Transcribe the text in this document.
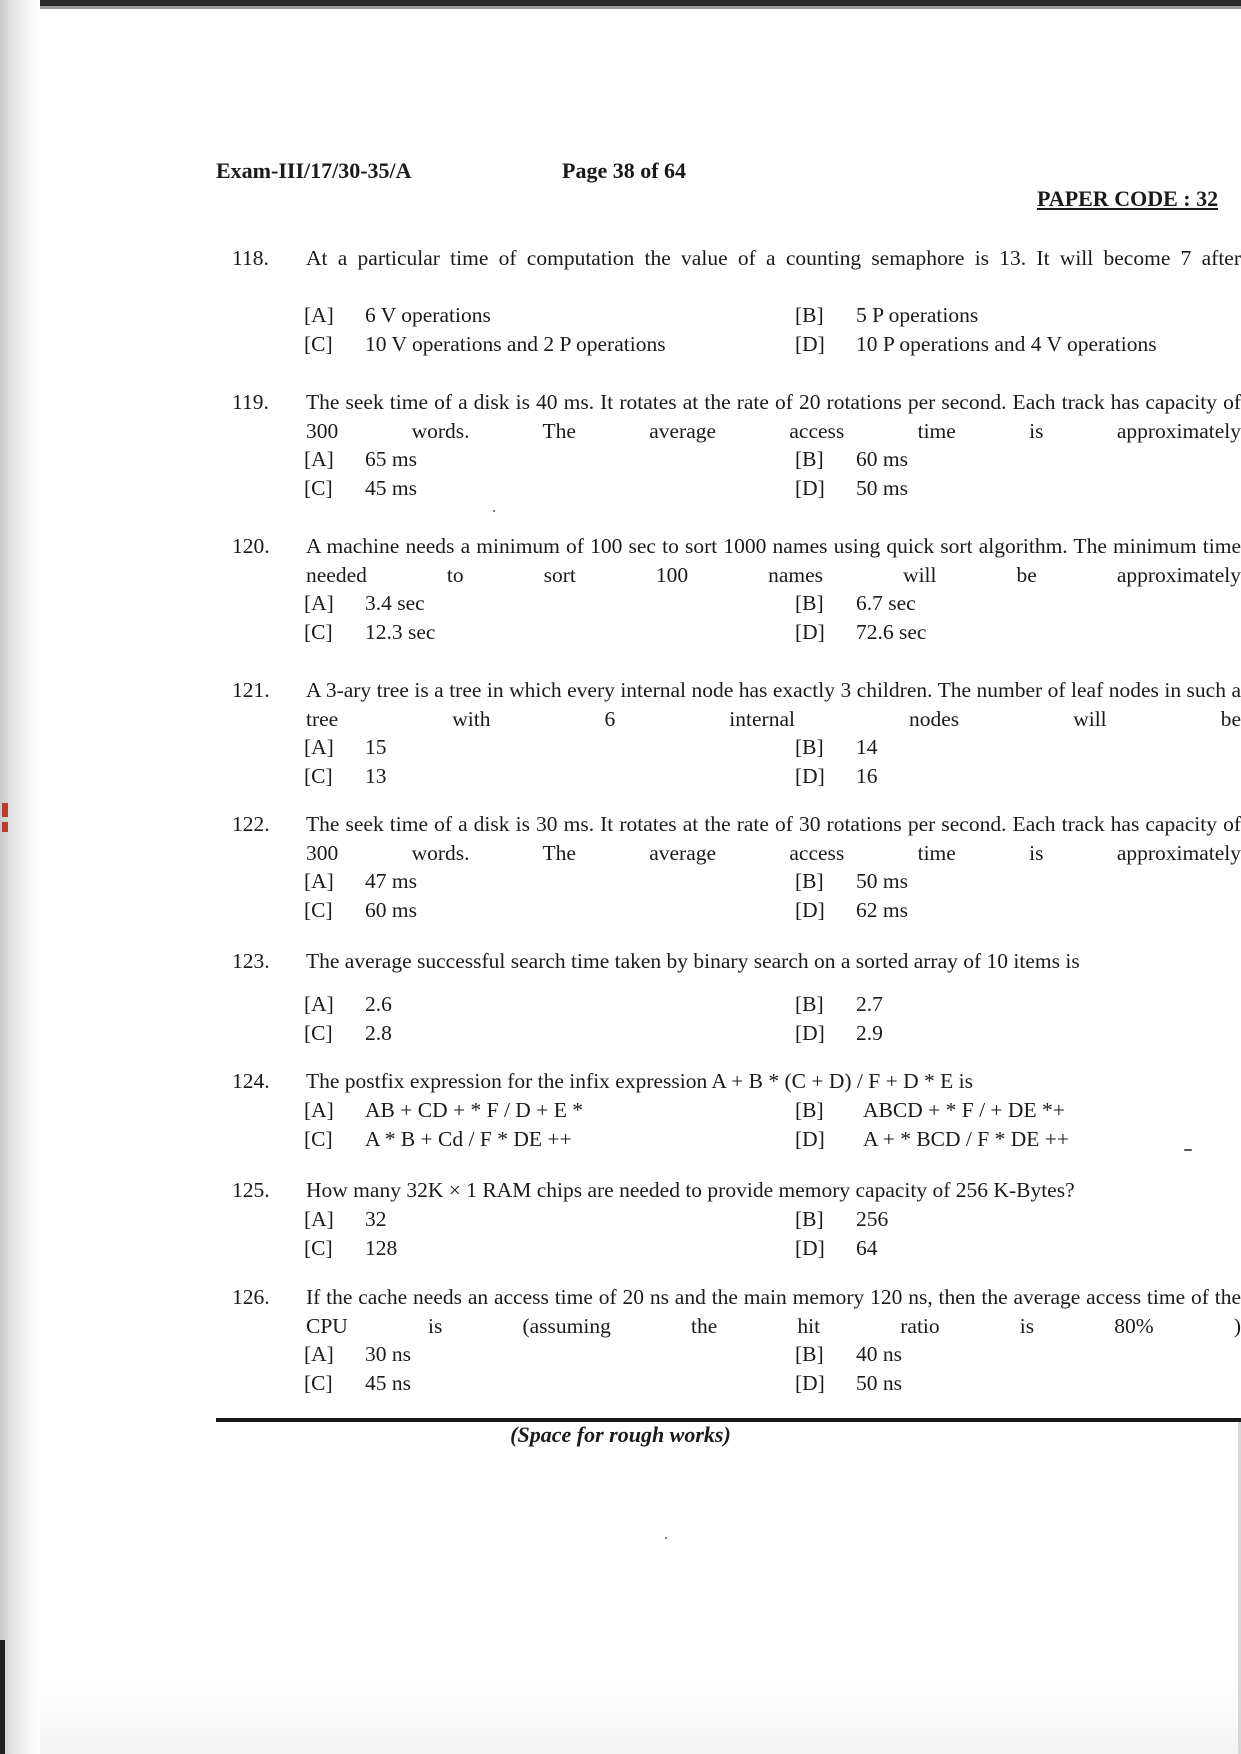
Exam-III/17/30-35/A	Page 38 of 64
PAPER CODE : 32
118. At a particular time of computation the value of a counting semaphore is 13. It will become 7 after
[A] 6 V operations	[B] 5 P operations
[C] 10 V operations and 2 P operations	[D] 10 P operations and 4 V operations
119. The seek time of a disk is 40 ms. It rotates at the rate of 20 rotations per second. Each track has capacity of 300 words. The average access time is approximately
[A] 65 ms	[B] 60 ms
[C] 45 ms	[D] 50 ms
120. A machine needs a minimum of 100 sec to sort 1000 names using quick sort algorithm. The minimum time needed to sort 100 names will be approximately
[A] 3.4 sec	[B] 6.7 sec
[C] 12.3 sec	[D] 72.6 sec
121. A 3-ary tree is a tree in which every internal node has exactly 3 children. The number of leaf nodes in such a tree with 6 internal nodes will be
[A] 15	[B] 14
[C] 13	[D] 16
122. The seek time of a disk is 30 ms. It rotates at the rate of 30 rotations per second. Each track has capacity of 300 words. The average access time is approximately
[A] 47 ms	[B] 50 ms
[C] 60 ms	[D] 62 ms
123. The average successful search time taken by binary search on a sorted array of 10 items is
[A] 2.6	[B] 2.7
[C] 2.8	[D] 2.9
124. The postfix expression for the infix expression A + B * (C + D) / F + D * E is
[A] AB + CD + * F / D + E *	[B] ABCD + * F / + DE *+
[C] A * B + Cd / F * DE ++	[D] A + * BCD / F * DE ++
125. How many 32K × 1 RAM chips are needed to provide memory capacity of 256 K-Bytes?
[A] 32	[B] 256
[C] 128	[D] 64
126. If the cache needs an access time of 20 ns and the main memory 120 ns, then the average access time of the CPU is (assuming the hit ratio is 80% )
[A] 30 ns	[B] 40 ns
[C] 45 ns	[D] 50 ns
(Space for rough works)
